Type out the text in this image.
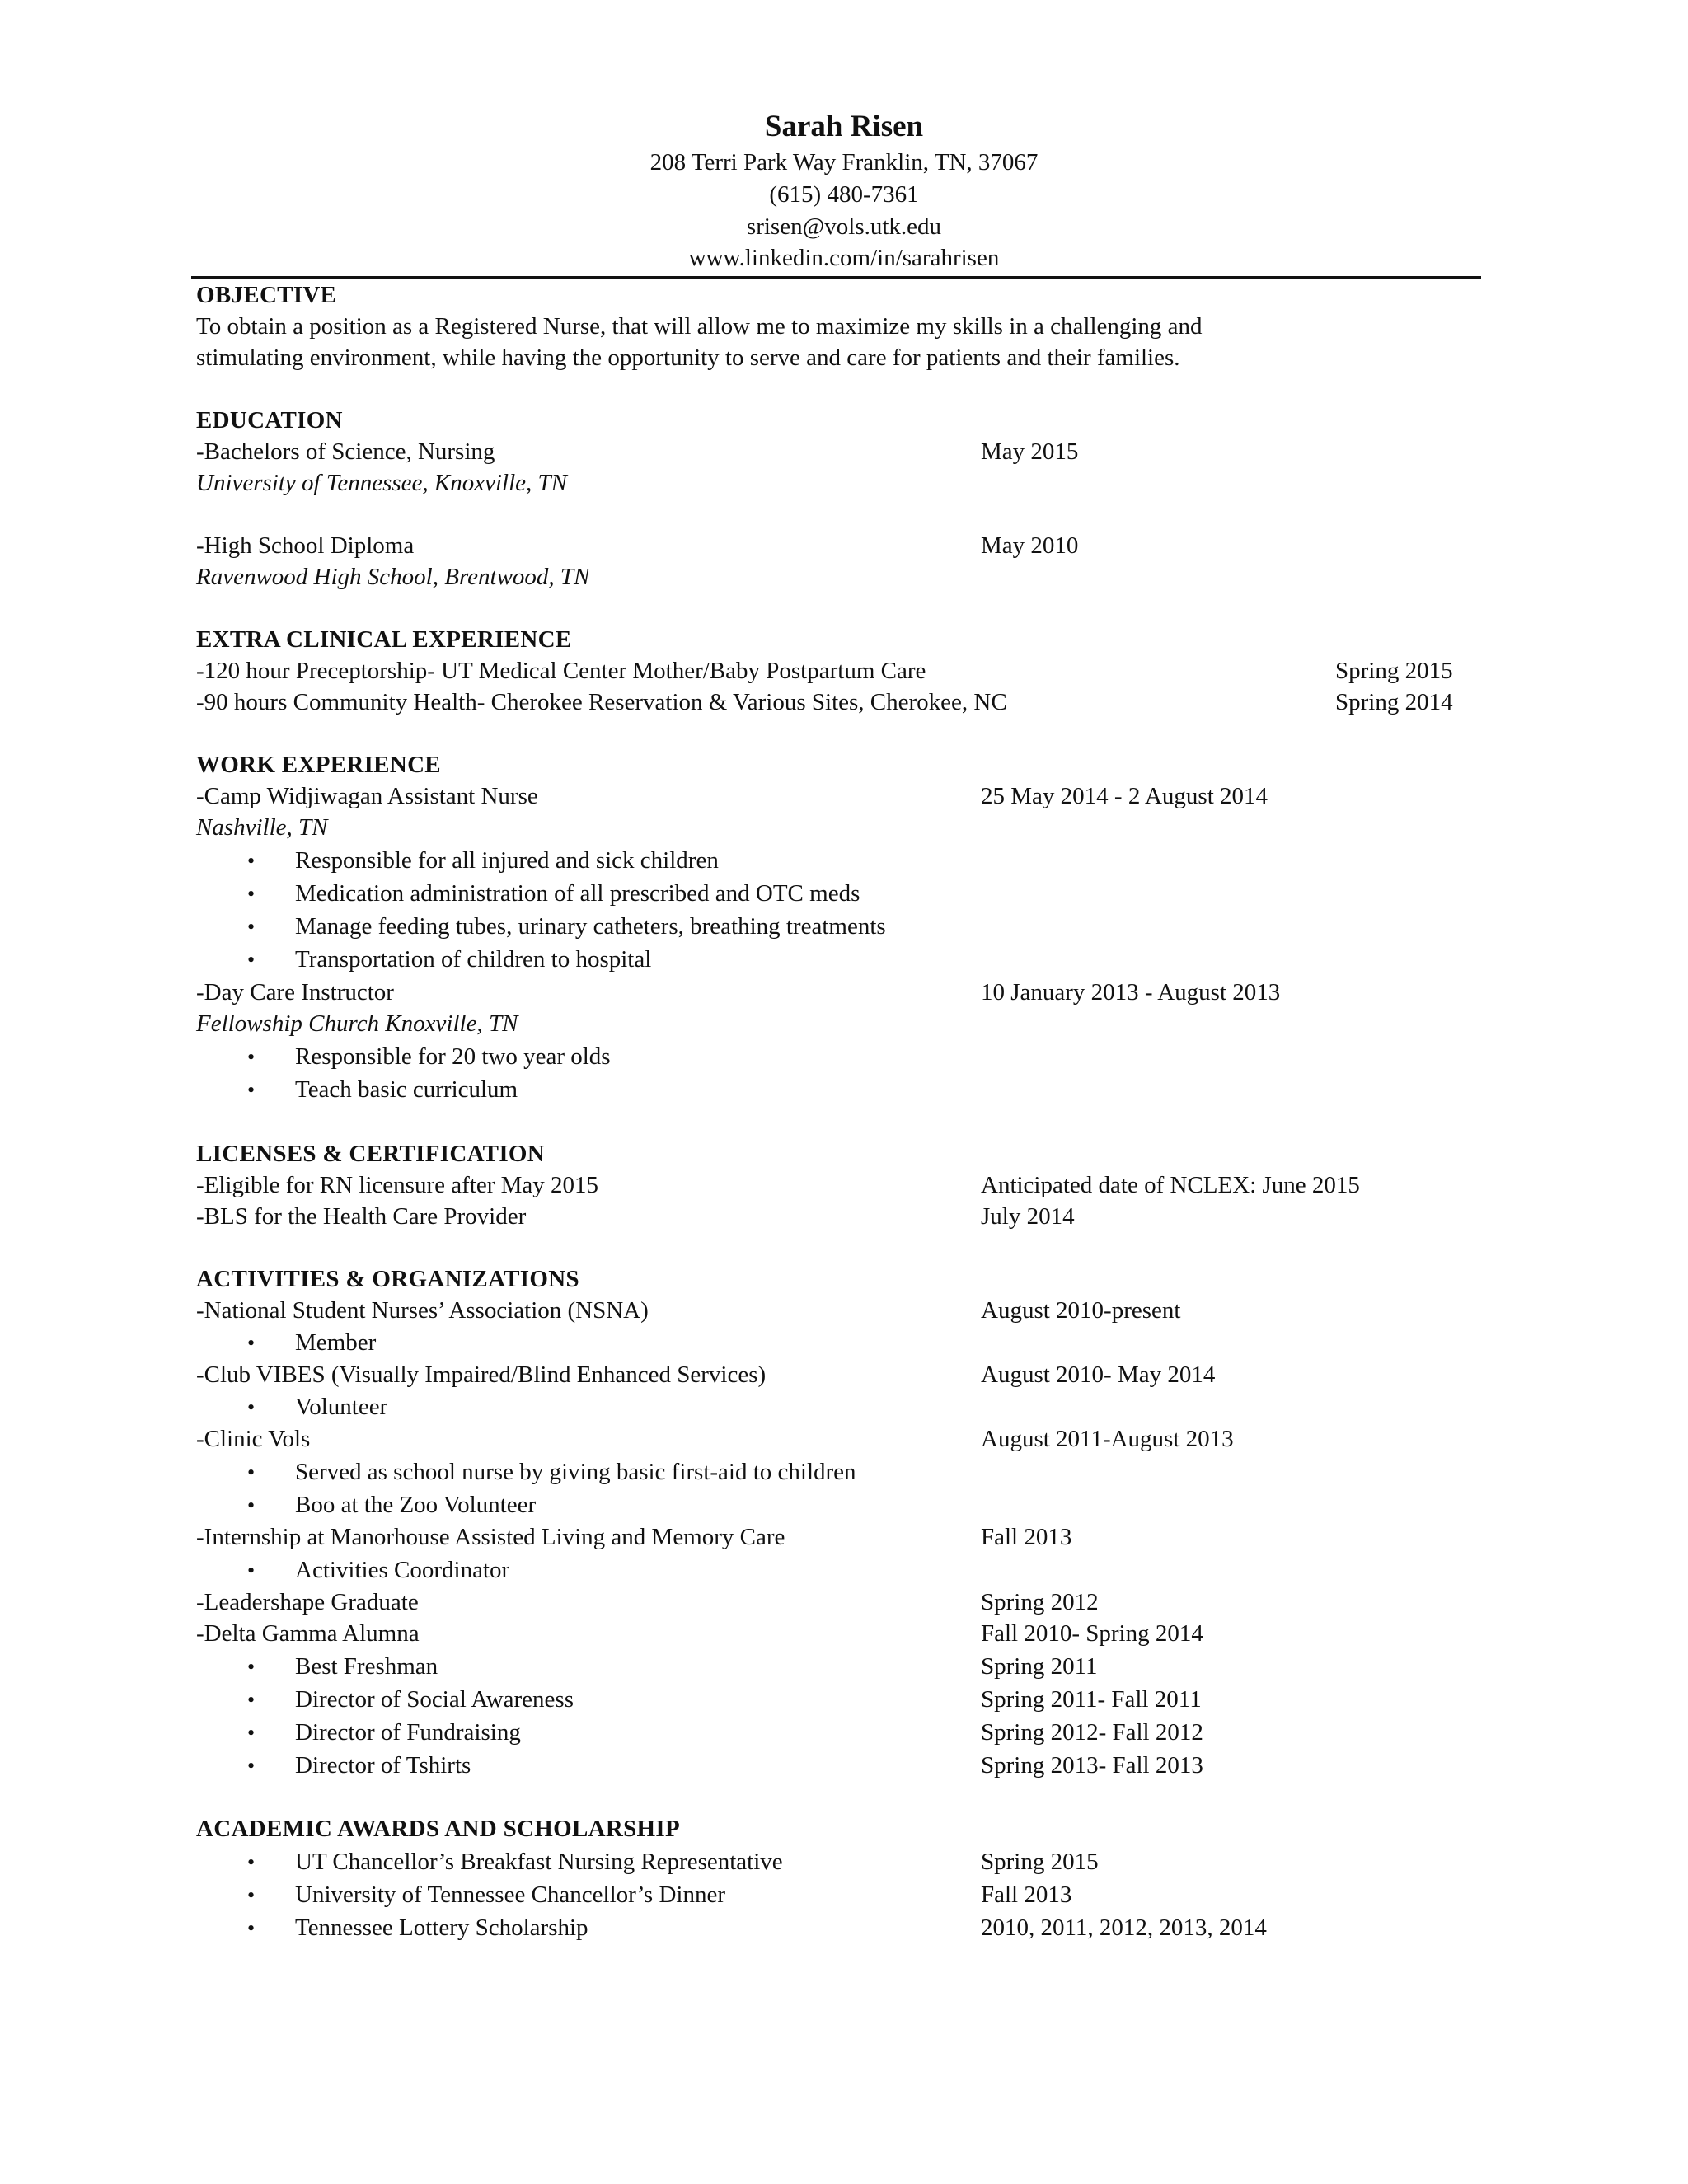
Sarah Risen
208 Terri Park Way Franklin, TN, 37067
(615) 480-7361
srisen@vols.utk.edu
www.linkedin.com/in/sarahrisen
OBJECTIVE
To obtain a position as a Registered Nurse, that will allow me to maximize my skills in a challenging and
stimulating environment, while having the opportunity to serve and care for patients and their families.
EDUCATION
-Bachelors of Science, Nursing	May 2015
University of Tennessee, Knoxville, TN
-High School Diploma	May 2010
Ravenwood High School, Brentwood, TN
EXTRA CLINICAL EXPERIENCE
-120 hour Preceptorship- UT Medical Center Mother/Baby Postpartum Care	Spring 2015
-90 hours Community Health- Cherokee Reservation & Various Sites, Cherokee, NC	Spring 2014
WORK EXPERIENCE
-Camp Widjiwagan Assistant Nurse	25 May 2014 - 2 August 2014
Nashville, TN
• Responsible for all injured and sick children
• Medication administration of all prescribed and OTC meds
• Manage feeding tubes, urinary catheters, breathing treatments
• Transportation of children to hospital
-Day Care Instructor	10 January 2013 - August 2013
Fellowship Church Knoxville, TN
• Responsible for 20 two year olds
• Teach basic curriculum
LICENSES & CERTIFICATION
-Eligible for RN licensure after May 2015	Anticipated date of NCLEX: June 2015
-BLS for the Health Care Provider	July 2014
ACTIVITIES & ORGANIZATIONS
-National Student Nurses’ Association (NSNA)	August 2010-present
• Member
-Club VIBES (Visually Impaired/Blind Enhanced Services)	August 2010- May 2014
• Volunteer
-Clinic Vols	August 2011-August 2013
• Served as school nurse by giving basic first-aid to children
• Boo at the Zoo Volunteer
-Internship at Manorhouse Assisted Living and Memory Care	Fall 2013
• Activities Coordinator
-Leadershape Graduate	Spring 2012
-Delta Gamma Alumna	Fall 2010- Spring 2014
• Best Freshman	Spring 2011
• Director of Social Awareness	Spring 2011- Fall 2011
• Director of Fundraising	Spring 2012- Fall 2012
• Director of Tshirts	Spring 2013- Fall 2013
ACADEMIC AWARDS AND SCHOLARSHIP
• UT Chancellor’s Breakfast Nursing Representative	Spring 2015
• University of Tennessee Chancellor’s Dinner	Fall 2013
• Tennessee Lottery Scholarship	2010, 2011, 2012, 2013, 2014
